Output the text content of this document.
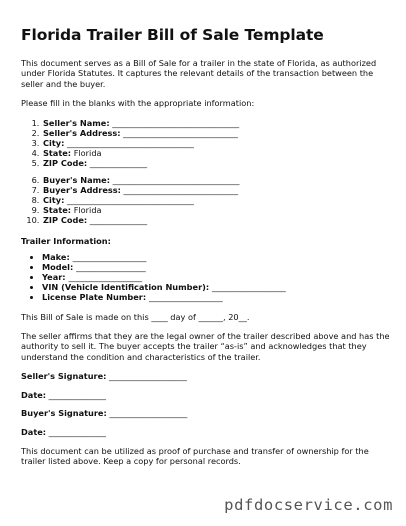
Florida Trailer Bill of Sale Template

This document serves as a Bill of Sale for a trailer in the state of Florida, as authorized under Florida Statutes. It captures the relevant details of the transaction between the seller and the buyer.

Please fill in the blanks with the appropriate information:

1. Seller's Name: _______________________________
2. Seller's Address: ____________________________
3. City: _______________________________
4. State: Florida
5. ZIP Code: ______________
6. Buyer's Name: _______________________________
7. Buyer's Address: ____________________________
8. City: _______________________________
9. State: Florida
10. ZIP Code: ______________
Trailer Information:
• Make: __________________
• Model: _________________
• Year: __________________
• VIN (Vehicle Identification Number): __________________
• License Plate Number: __________________

This Bill of Sale is made on this ____ day of ______, 20__.

The seller affirms that they are the legal owner of the trailer described above and has the authority to sell it. The buyer accepts the trailer “as-is” and acknowledges that they understand the condition and characteristics of the trailer.

Seller's Signature: ___________________
Date: ______________
Buyer's Signature: ___________________
Date: ______________

This document can be utilized as proof of purchase and transfer of ownership for the trailer listed above. Keep a copy for personal records.

pdfdocservice.com
